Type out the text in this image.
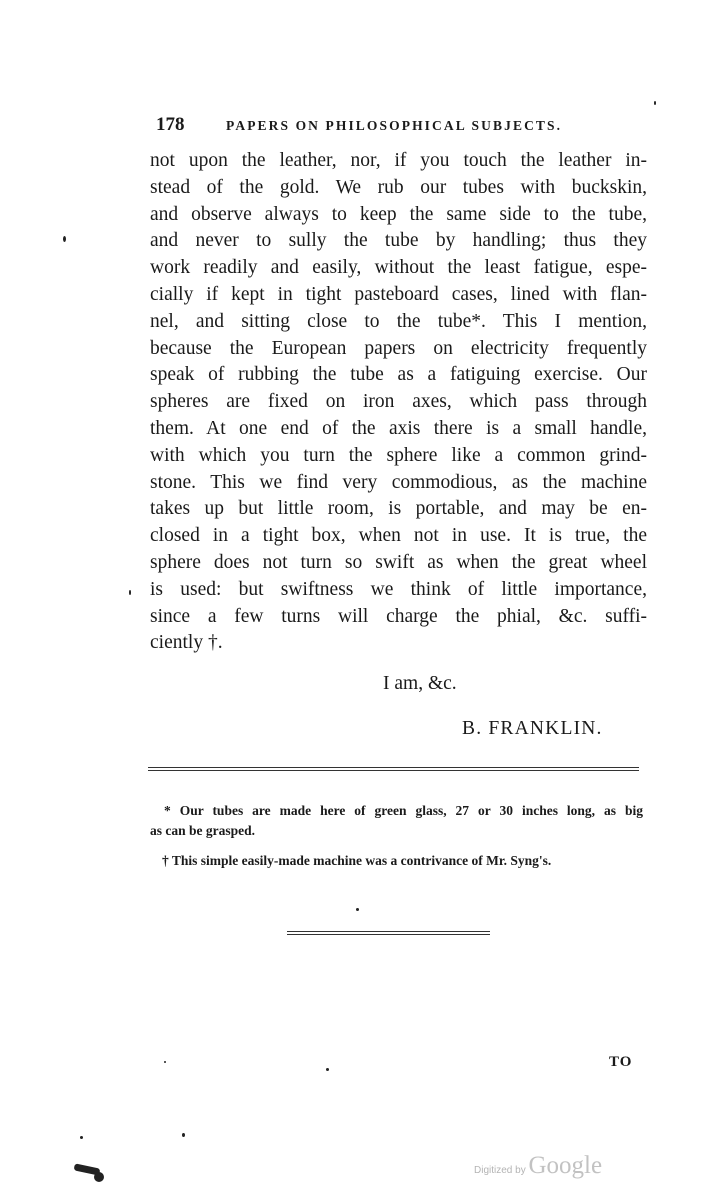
178	PAPERS ON PHILOSOPHICAL SUBJECTS.
not upon the leather, nor, if you touch the leather in-
stead of the gold. We rub our tubes with buckskin,
and observe always to keep the same side to the tube,
and never to sully the tube by handling; thus they
work readily and easily, without the least fatigue, espe-
cially if kept in tight pasteboard cases, lined with flan-
nel, and sitting close to the tube*. This I mention,
because the European papers on electricity frequently
speak of rubbing the tube as a fatiguing exercise. Our
spheres are fixed on iron axes, which pass through
them. At one end of the axis there is a small handle,
with which you turn the sphere like a common grind-
stone. This we find very commodious, as the machine
takes up but little room, is portable, and may be en-
closed in a tight box, when not in use. It is true, the
sphere does not turn so swift as when the great wheel
is used: but swiftness we think of little importance,
since a few turns will charge the phial, &c. suffi-
ciently †.
I am, &c.
B. FRANKLIN.
* Our tubes are made here of green glass, 27 or 30 inches long, as big
as can be grasped.
† This simple easily-made machine was a contrivance of Mr. Syng's.
TO
Digitized by Google
